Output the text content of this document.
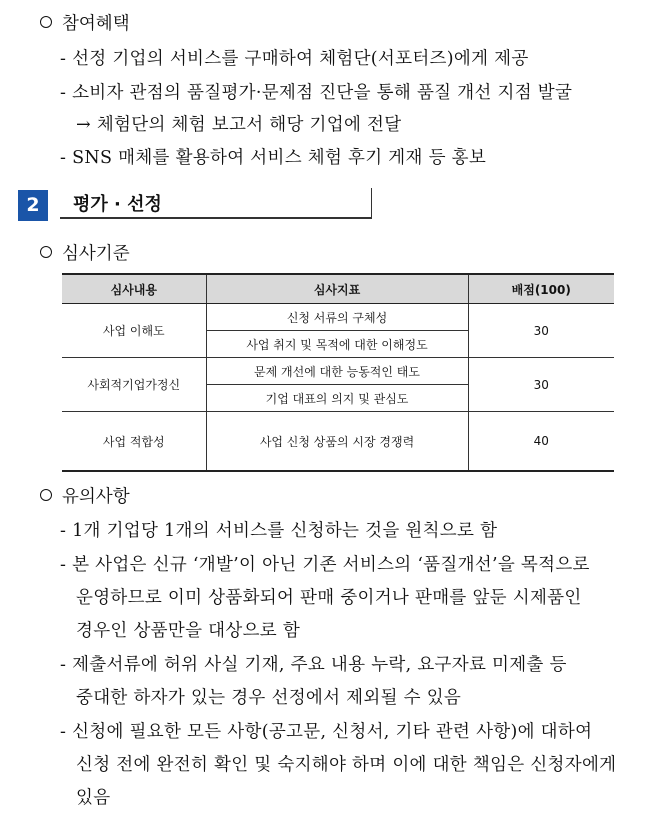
참여혜택
- 선정 기업의 서비스를 구매하여 체험단(서포터즈)에게 제공
- 소비자 관점의 품질평가·문제점 진단을 통해 품질 개선 지점 발굴
→ 체험단의 체험 보고서 해당 기업에 전달
- SNS 매체를 활용하여 서비스 체험 후기 게재 등 홍보
2	평가 · 선정
심사기준
심사내용	심사지표	배점(100)
사업 이해도	신청 서류의 구체성	30
	사업 취지 및 목적에 대한 이해정도	
사회적기업가정신	문제 개선에 대한 능동적인 태도	30
	기업 대표의 의지 및 관심도	
사업 적합성	사업 신청 상품의 시장 경쟁력	40
유의사항
- 1개 기업당 1개의 서비스를 신청하는 것을 원칙으로 함
- 본 사업은 신규 ‘개발’이 아닌 기존 서비스의 ‘품질개선’을 목적으로
운영하므로 이미 상품화되어 판매 중이거나 판매를 앞둔 시제품인
경우인 상품만을 대상으로 함
- 제출서류에 허위 사실 기재, 주요 내용 누락, 요구자료 미제출 등
중대한 하자가 있는 경우 선정에서 제외될 수 있음
- 신청에 필요한 모든 사항(공고문, 신청서, 기타 관련 사항)에 대하여
신청 전에 완전히 확인 및 숙지해야 하며 이에 대한 책임은 신청자에게
있음
